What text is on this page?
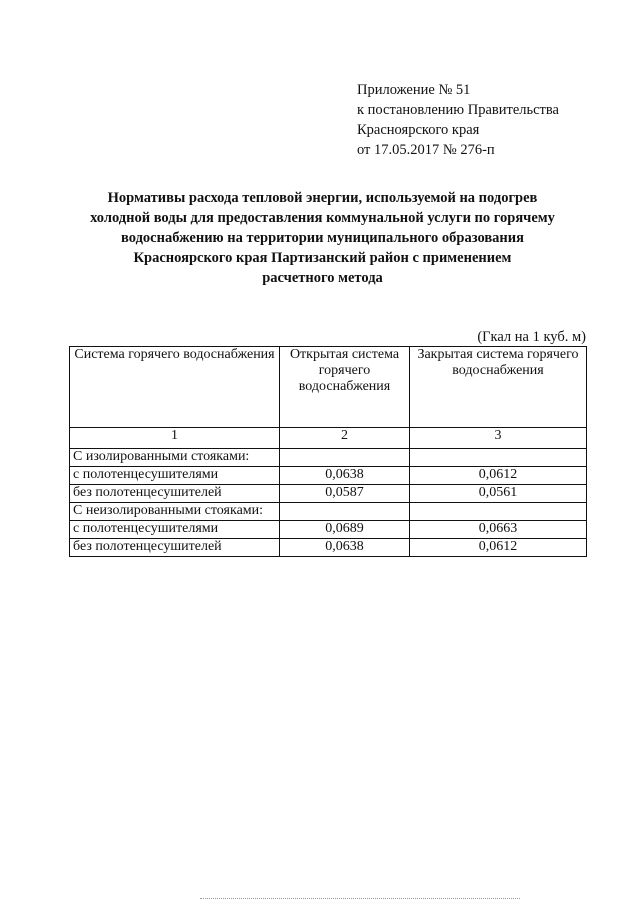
Приложение № 51
к постановлению Правительства
Красноярского края
от 17.05.2017 № 276-п
Нормативы расхода тепловой энергии, используемой на подогрев
холодной воды для предоставления коммунальной услуги по горячему
водоснабжению на территории муниципального образования
Красноярского края Партизанский район с применением
расчетного метода
(Гкал на 1 куб. м)
Система горячего водоснабжения	Открытая система горячего водоснабжения	Закрытая система горячего водоснабжения
1	2	3
С изолированными стояками:		
с полотенцесушителями	0,0638	0,0612
без полотенцесушителей	0,0587	0,0561
С неизолированными стояками:		
с полотенцесушителями	0,0689	0,0663
без полотенцесушителей	0,0638	0,0612
